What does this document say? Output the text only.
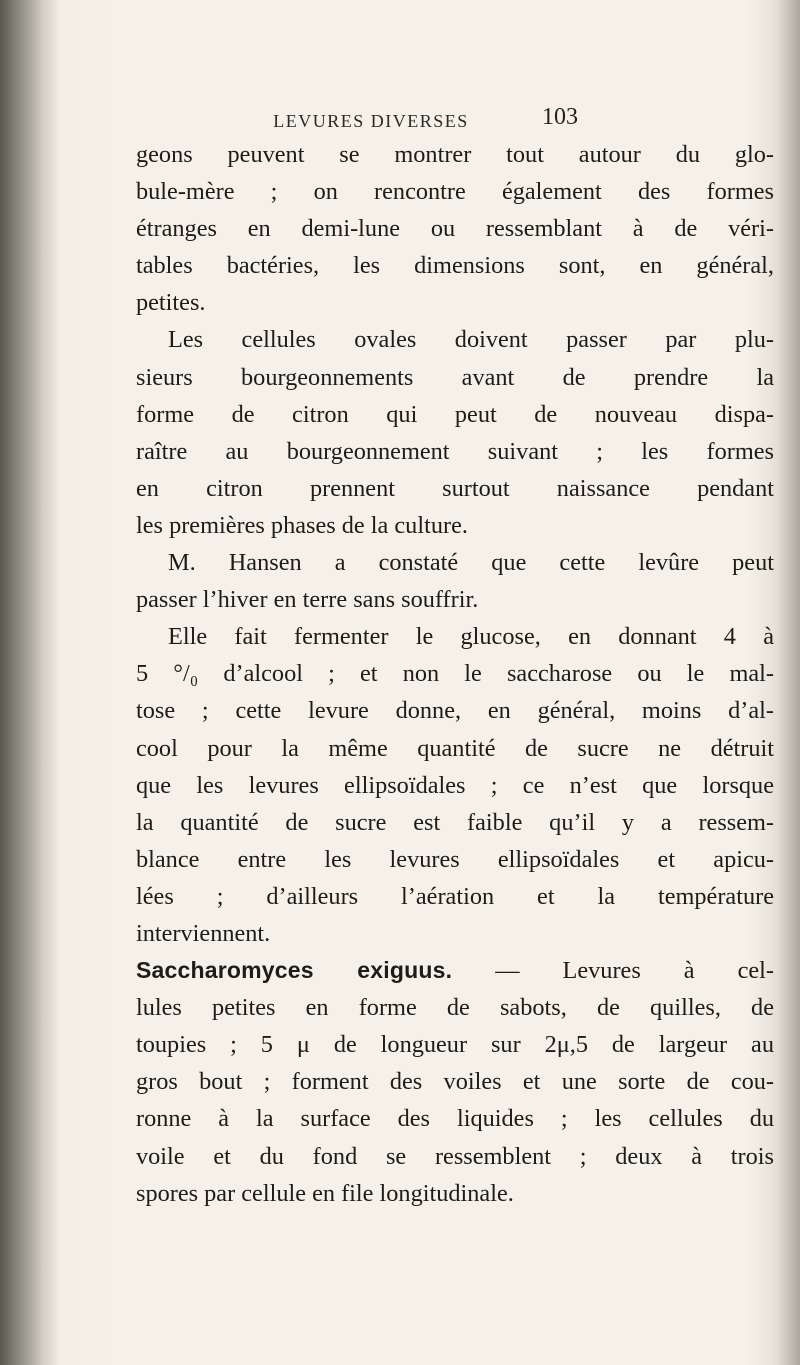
LEVURES DIVERSES	103
geons peuvent se montrer tout autour du glo-
bule-mère ; on rencontre également des formes
étranges en demi-lune ou ressemblant à de véri-
tables bactéries, les dimensions sont, en général,
petites.
Les cellules ovales doivent passer par plu-
sieurs bourgeonnements avant de prendre la
forme de citron qui peut de nouveau dispa-
raître au bourgeonnement suivant ; les formes
en citron prennent surtout naissance pendant
les premières phases de la culture.
M. Hansen a constaté que cette levûre peut
passer l’hiver en terre sans souffrir.
Elle fait fermenter le glucose, en donnant 4 à
5 °/₀ d’alcool ; et non le saccharose ou le mal-
tose ; cette levure donne, en général, moins d’al-
cool pour la même quantité de sucre ne détruit
que les levures ellipsoïdales ; ce n’est que lorsque
la quantité de sucre est faible qu’il y a ressem-
blance entre les levures ellipsoïdales et apicu-
lées ; d’ailleurs l’aération et la température
interviennent.
Saccharomyces exiguus. — Levures à cel-
lules petites en forme de sabots, de quilles, de
toupies ; 5 μ de longueur sur 2μ,5 de largeur au
gros bout ; forment des voiles et une sorte de cou-
ronne à la surface des liquides ; les cellules du
voile et du fond se ressemblent ; deux à trois
spores par cellule en file longitudinale.
